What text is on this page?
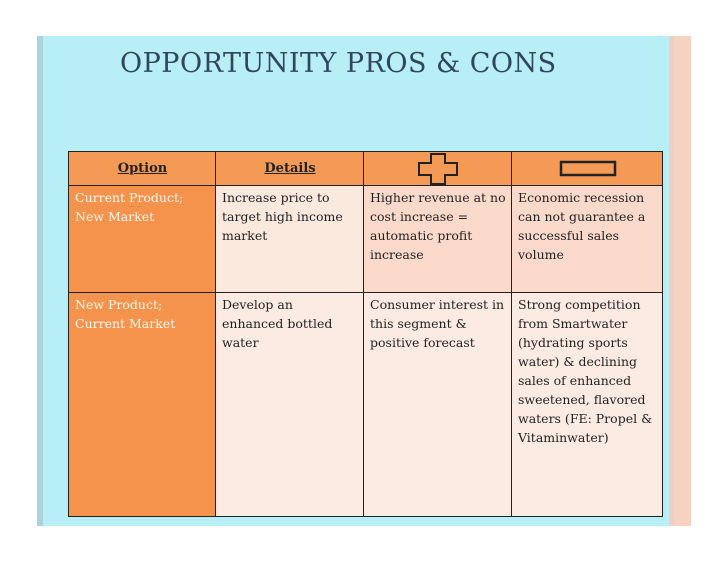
OPPORTUNITY PROS & CONS
Option	Details	

Current Product; New Market	Increase price to target high income market	Higher revenue at no cost increase = automatic profit increase	Economic recession can not guarantee a successful sales volume
New Product; Current Market	Develop an enhanced bottled water	Consumer interest in this segment & positive forecast	Strong competition from Smartwater (hydrating sports water) & declining sales of enhanced sweetened, flavored waters (FE: Propel & Vitaminwater)
